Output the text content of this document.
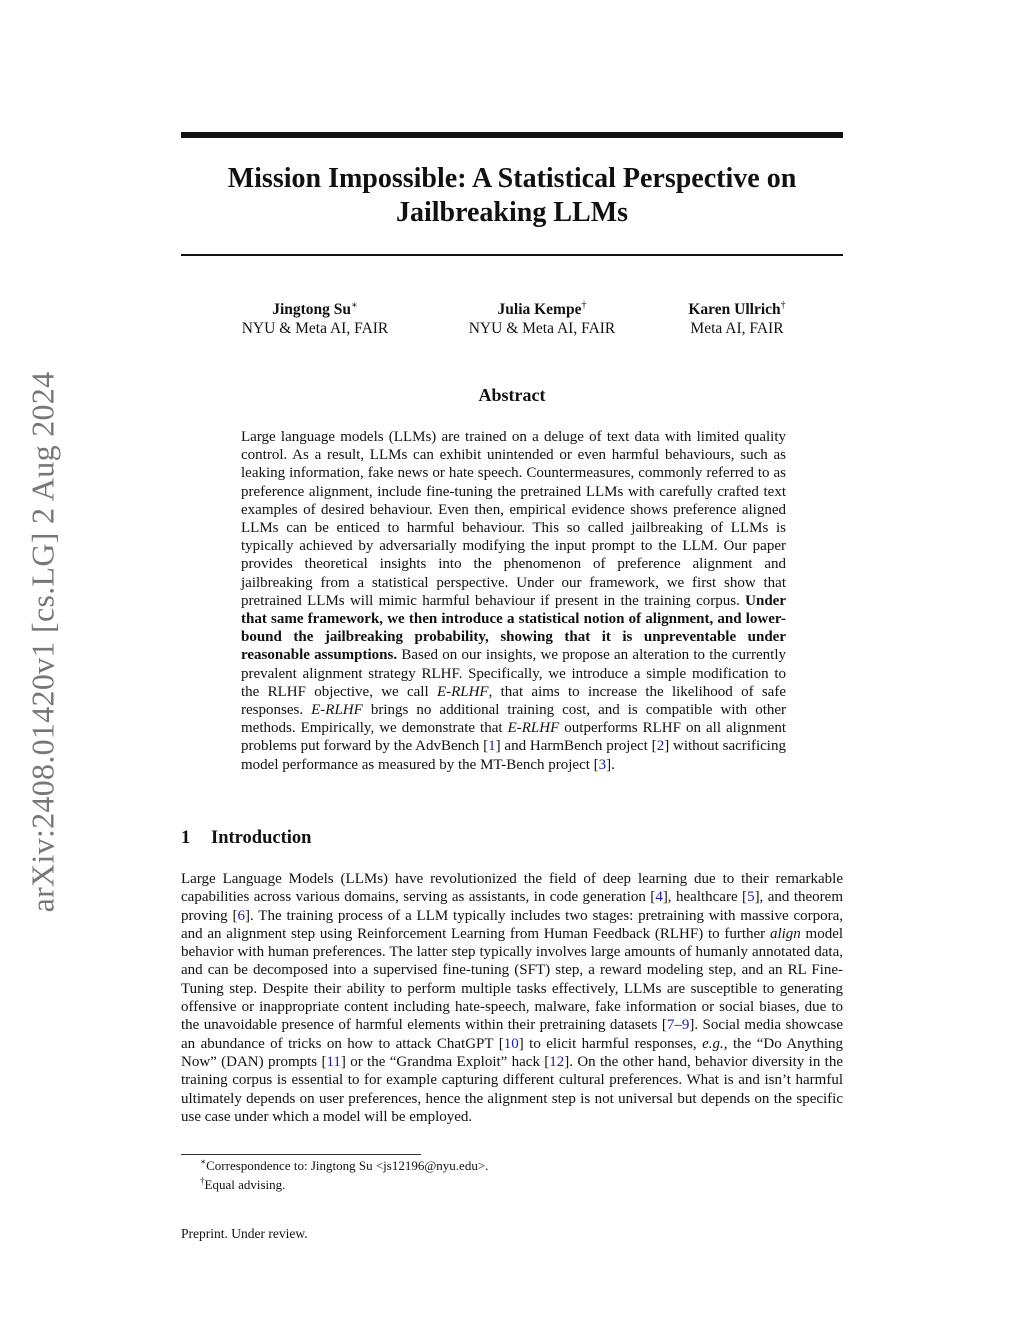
arXiv:2408.01420v1 [cs.LG] 2 Aug 2024
Mission Impossible: A Statistical Perspective on
Jailbreaking LLMs
Jingtong Su∗
NYU & Meta AI, FAIR
Julia Kempe†
NYU & Meta AI, FAIR
Karen Ullrich†
Meta AI, FAIR
Abstract
Large language models (LLMs) are trained on a deluge of text data with limited quality control. As a result, LLMs can exhibit unintended or even harmful behaviours, such as leaking information, fake news or hate speech. Countermeasures, commonly referred to as preference alignment, include fine-tuning the pretrained LLMs with carefully crafted text examples of desired behaviour. Even then, empirical evidence shows preference aligned LLMs can be enticed to harmful behaviour. This so called jailbreaking of LLMs is typically achieved by adversarially modifying the input prompt to the LLM. Our paper provides theoretical insights into the phenomenon of preference alignment and jailbreaking from a statistical perspective. Under our framework, we first show that pretrained LLMs will mimic harmful behaviour if present in the training corpus. Under that same framework, we then introduce a statistical notion of alignment, and lower-bound the jailbreaking probability, showing that it is unpreventable under reasonable assumptions. Based on our insights, we propose an alteration to the currently prevalent alignment strategy RLHF. Specifically, we introduce a simple modification to the RLHF objective, we call E-RLHF, that aims to increase the likelihood of safe responses. E-RLHF brings no additional training cost, and is compatible with other methods. Empirically, we demonstrate that E-RLHF outperforms RLHF on all alignment problems put forward by the AdvBench [1] and HarmBench project [2] without sacrificing model performance as measured by the MT-Bench project [3].
1 Introduction
Large Language Models (LLMs) have revolutionized the field of deep learning due to their remarkable capabilities across various domains, serving as assistants, in code generation [4], healthcare [5], and theorem proving [6]. The training process of a LLM typically includes two stages: pretraining with massive corpora, and an alignment step using Reinforcement Learning from Human Feedback (RLHF) to further align model behavior with human preferences. The latter step typically involves large amounts of humanly annotated data, and can be decomposed into a supervised fine-tuning (SFT) step, a reward modeling step, and an RL Fine-Tuning step. Despite their ability to perform multiple tasks effectively, LLMs are susceptible to generating offensive or inappropriate content including hate-speech, malware, fake information or social biases, due to the unavoidable presence of harmful elements within their pretraining datasets [7–9]. Social media showcase an abundance of tricks on how to attack ChatGPT [10] to elicit harmful responses, e.g., the “Do Anything Now” (DAN) prompts [11] or the “Grandma Exploit” hack [12]. On the other hand, behavior diversity in the training corpus is essential to for example capturing different cultural preferences. What is and isn’t harmful ultimately depends on user preferences, hence the alignment step is not universal but depends on the specific use case under which a model will be employed.
∗Correspondence to: Jingtong Su <js12196@nyu.edu>.
†Equal advising.
Preprint. Under review.
